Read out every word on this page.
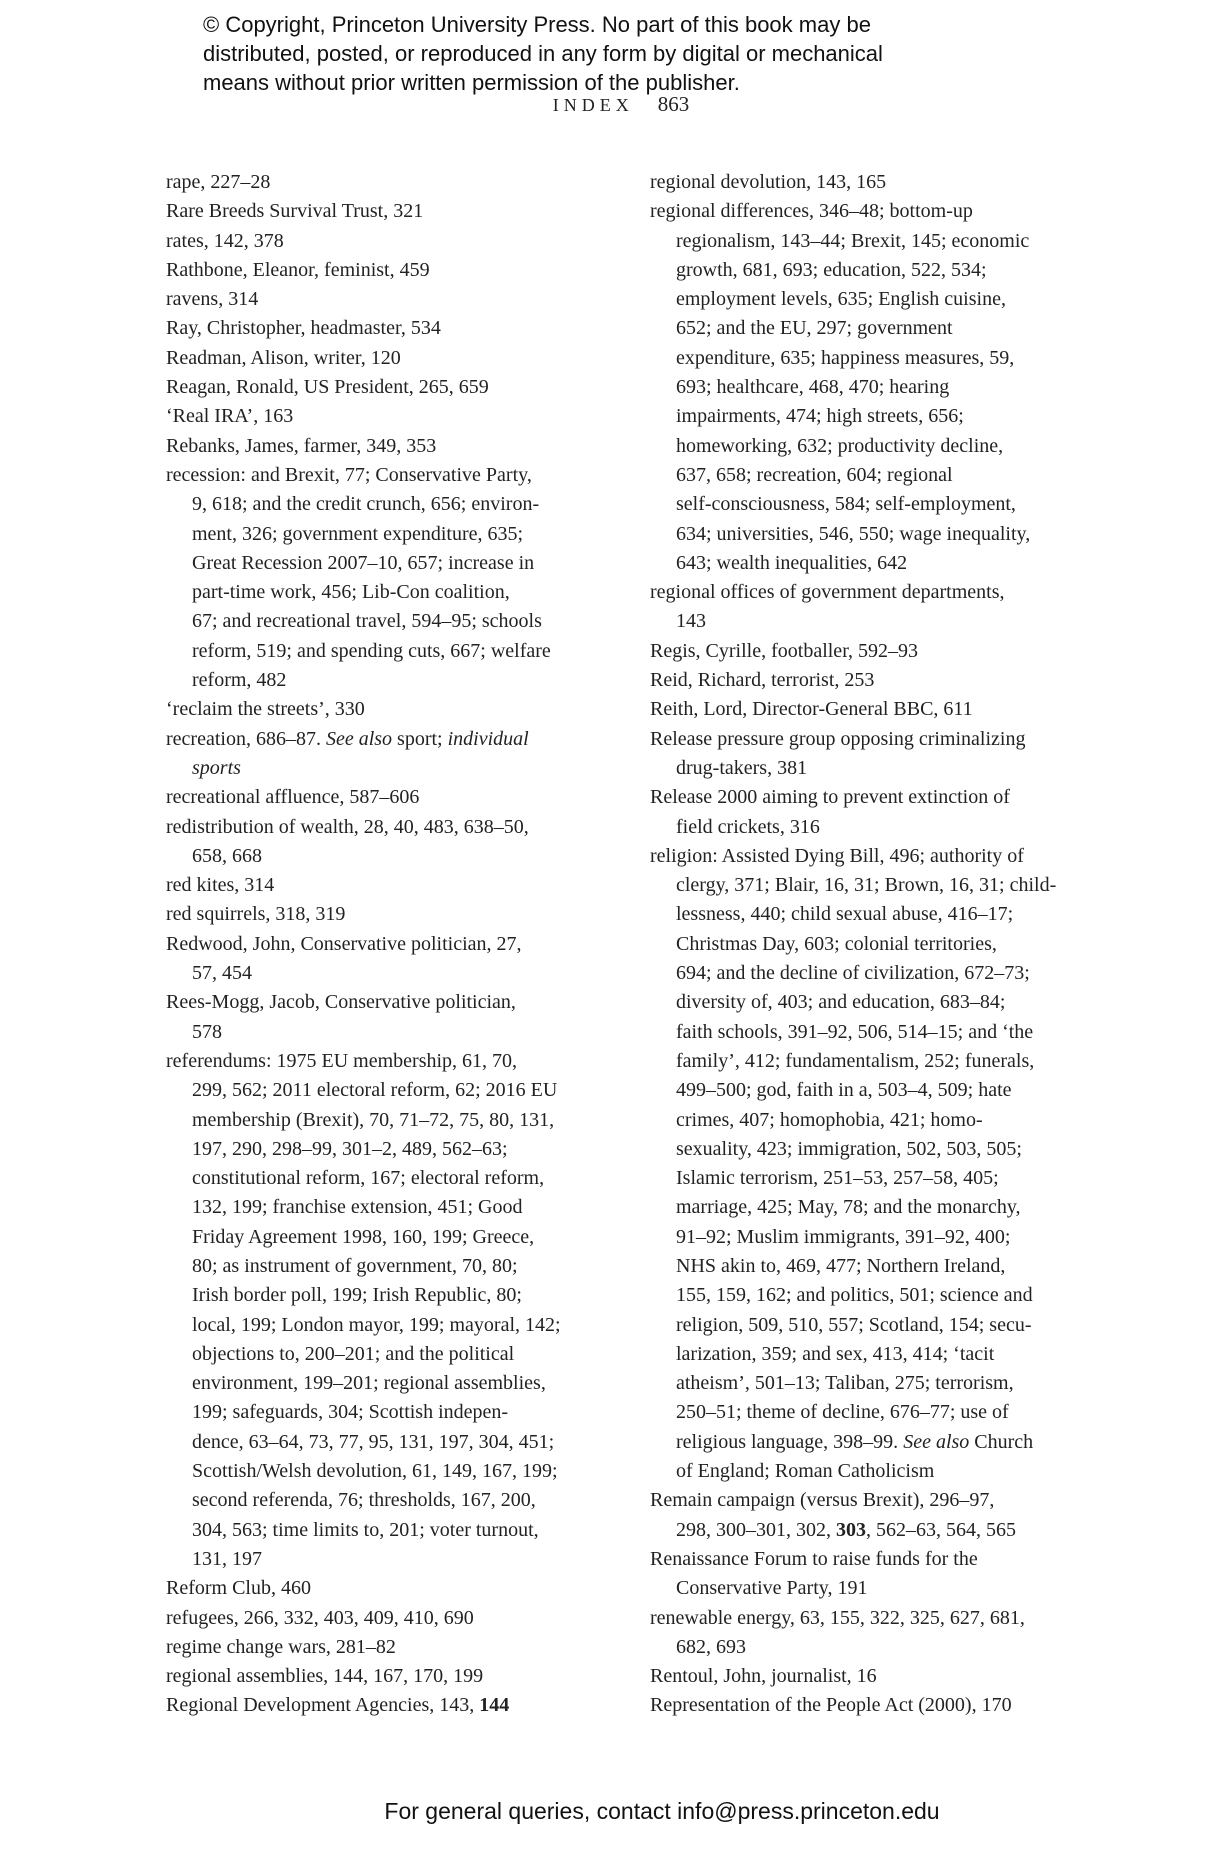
© Copyright, Princeton University Press. No part of this book may be
distributed, posted, or reproduced in any form by digital or mechanical
means without prior written permission of the publisher.
INDEX 863
rape, 227–28
Rare Breeds Survival Trust, 321
rates, 142, 378
Rathbone, Eleanor, feminist, 459
ravens, 314
Ray, Christopher, headmaster, 534
Readman, Alison, writer, 120
Reagan, Ronald, US President, 265, 659
‘Real IRA’, 163
Rebanks, James, farmer, 349, 353
recession: and Brexit, 77; Conservative Party,
9, 618; and the credit crunch, 656; environ-
ment, 326; government expenditure, 635;
Great Recession 2007–10, 657; increase in
part-time work, 456; Lib-Con coalition,
67; and recreational travel, 594–95; schools
reform, 519; and spending cuts, 667; welfare
reform, 482
‘reclaim the streets’, 330
recreation, 686–87. See also sport; individual
sports
recreational affluence, 587–606
redistribution of wealth, 28, 40, 483, 638–50,
658, 668
red kites, 314
red squirrels, 318, 319
Redwood, John, Conservative politician, 27,
57, 454
Rees-Mogg, Jacob, Conservative politician,
578
referendums: 1975 EU membership, 61, 70,
299, 562; 2011 electoral reform, 62; 2016 EU
membership (Brexit), 70, 71–72, 75, 80, 131,
197, 290, 298–99, 301–2, 489, 562–63;
constitutional reform, 167; electoral reform,
132, 199; franchise extension, 451; Good
Friday Agreement 1998, 160, 199; Greece,
80; as instrument of government, 70, 80;
Irish border poll, 199; Irish Republic, 80;
local, 199; London mayor, 199; mayoral, 142;
objections to, 200–201; and the political
environment, 199–201; regional assemblies,
199; safeguards, 304; Scottish indepen-
dence, 63–64, 73, 77, 95, 131, 197, 304, 451;
Scottish/Welsh devolution, 61, 149, 167, 199;
second referenda, 76; thresholds, 167, 200,
304, 563; time limits to, 201; voter turnout,
131, 197
Reform Club, 460
refugees, 266, 332, 403, 409, 410, 690
regime change wars, 281–82
regional assemblies, 144, 167, 170, 199
Regional Development Agencies, 143, 144
regional devolution, 143, 165
regional differences, 346–48; bottom-up
regionalism, 143–44; Brexit, 145; economic
growth, 681, 693; education, 522, 534;
employment levels, 635; English cuisine,
652; and the EU, 297; government
expenditure, 635; happiness measures, 59,
693; healthcare, 468, 470; hearing
impairments, 474; high streets, 656;
homeworking, 632; productivity decline,
637, 658; recreation, 604; regional
self-consciousness, 584; self-employment,
634; universities, 546, 550; wage inequality,
643; wealth inequalities, 642
regional offices of government departments,
143
Regis, Cyrille, footballer, 592–93
Reid, Richard, terrorist, 253
Reith, Lord, Director-General BBC, 611
Release pressure group opposing criminalizing
drug-takers, 381
Release 2000 aiming to prevent extinction of
field crickets, 316
religion: Assisted Dying Bill, 496; authority of
clergy, 371; Blair, 16, 31; Brown, 16, 31; child-
lessness, 440; child sexual abuse, 416–17;
Christmas Day, 603; colonial territories,
694; and the decline of civilization, 672–73;
diversity of, 403; and education, 683–84;
faith schools, 391–92, 506, 514–15; and ‘the
family’, 412; fundamentalism, 252; funerals,
499–500; god, faith in a, 503–4, 509; hate
crimes, 407; homophobia, 421; homo-
sexuality, 423; immigration, 502, 503, 505;
Islamic terrorism, 251–53, 257–58, 405;
marriage, 425; May, 78; and the monarchy,
91–92; Muslim immigrants, 391–92, 400;
NHS akin to, 469, 477; Northern Ireland,
155, 159, 162; and politics, 501; science and
religion, 509, 510, 557; Scotland, 154; secu-
larization, 359; and sex, 413, 414; ‘tacit
atheism’, 501–13; Taliban, 275; terrorism,
250–51; theme of decline, 676–77; use of
religious language, 398–99. See also Church
of England; Roman Catholicism
Remain campaign (versus Brexit), 296–97,
298, 300–301, 302, 303, 562–63, 564, 565
Renaissance Forum to raise funds for the
Conservative Party, 191
renewable energy, 63, 155, 322, 325, 627, 681,
682, 693
Rentoul, John, journalist, 16
Representation of the People Act (2000), 170
For general queries, contact info@press.princeton.edu
